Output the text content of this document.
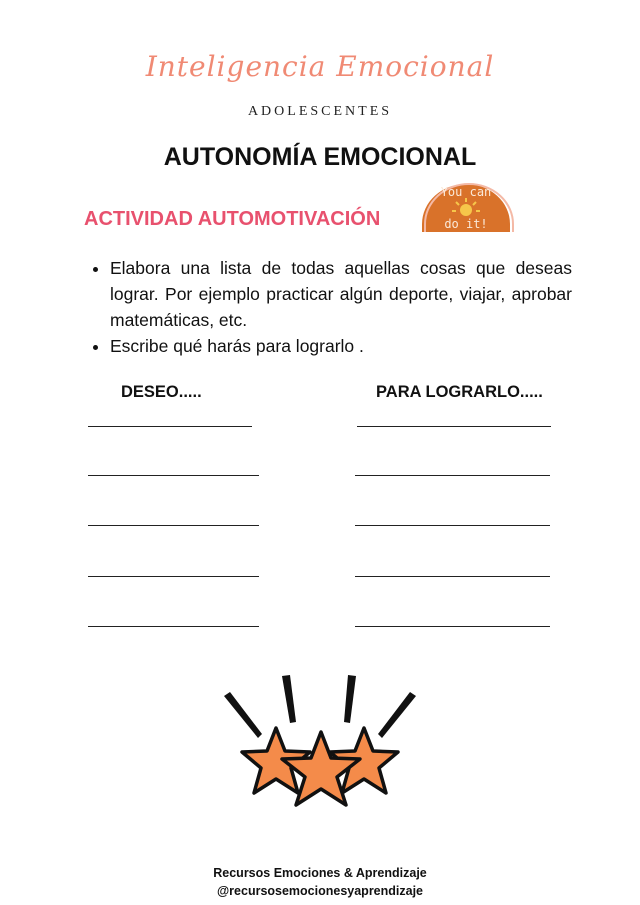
Inteligencia Emocional
ADOLESCENTES
AUTONOMÍA EMOCIONAL
ACTIVIDAD AUTOMOTIVACIÓN
You can
do it!
• Elabora una lista de todas aquellas cosas que deseas lograr. Por ejemplo practicar algún deporte, viajar, aprobar matemáticas, etc.
• Escribe qué harás para lograrlo .
DESEO.....	PARA LOGRARLO.....
Recursos Emociones & Aprendizaje
@recursosemocionesyaprendizaje
